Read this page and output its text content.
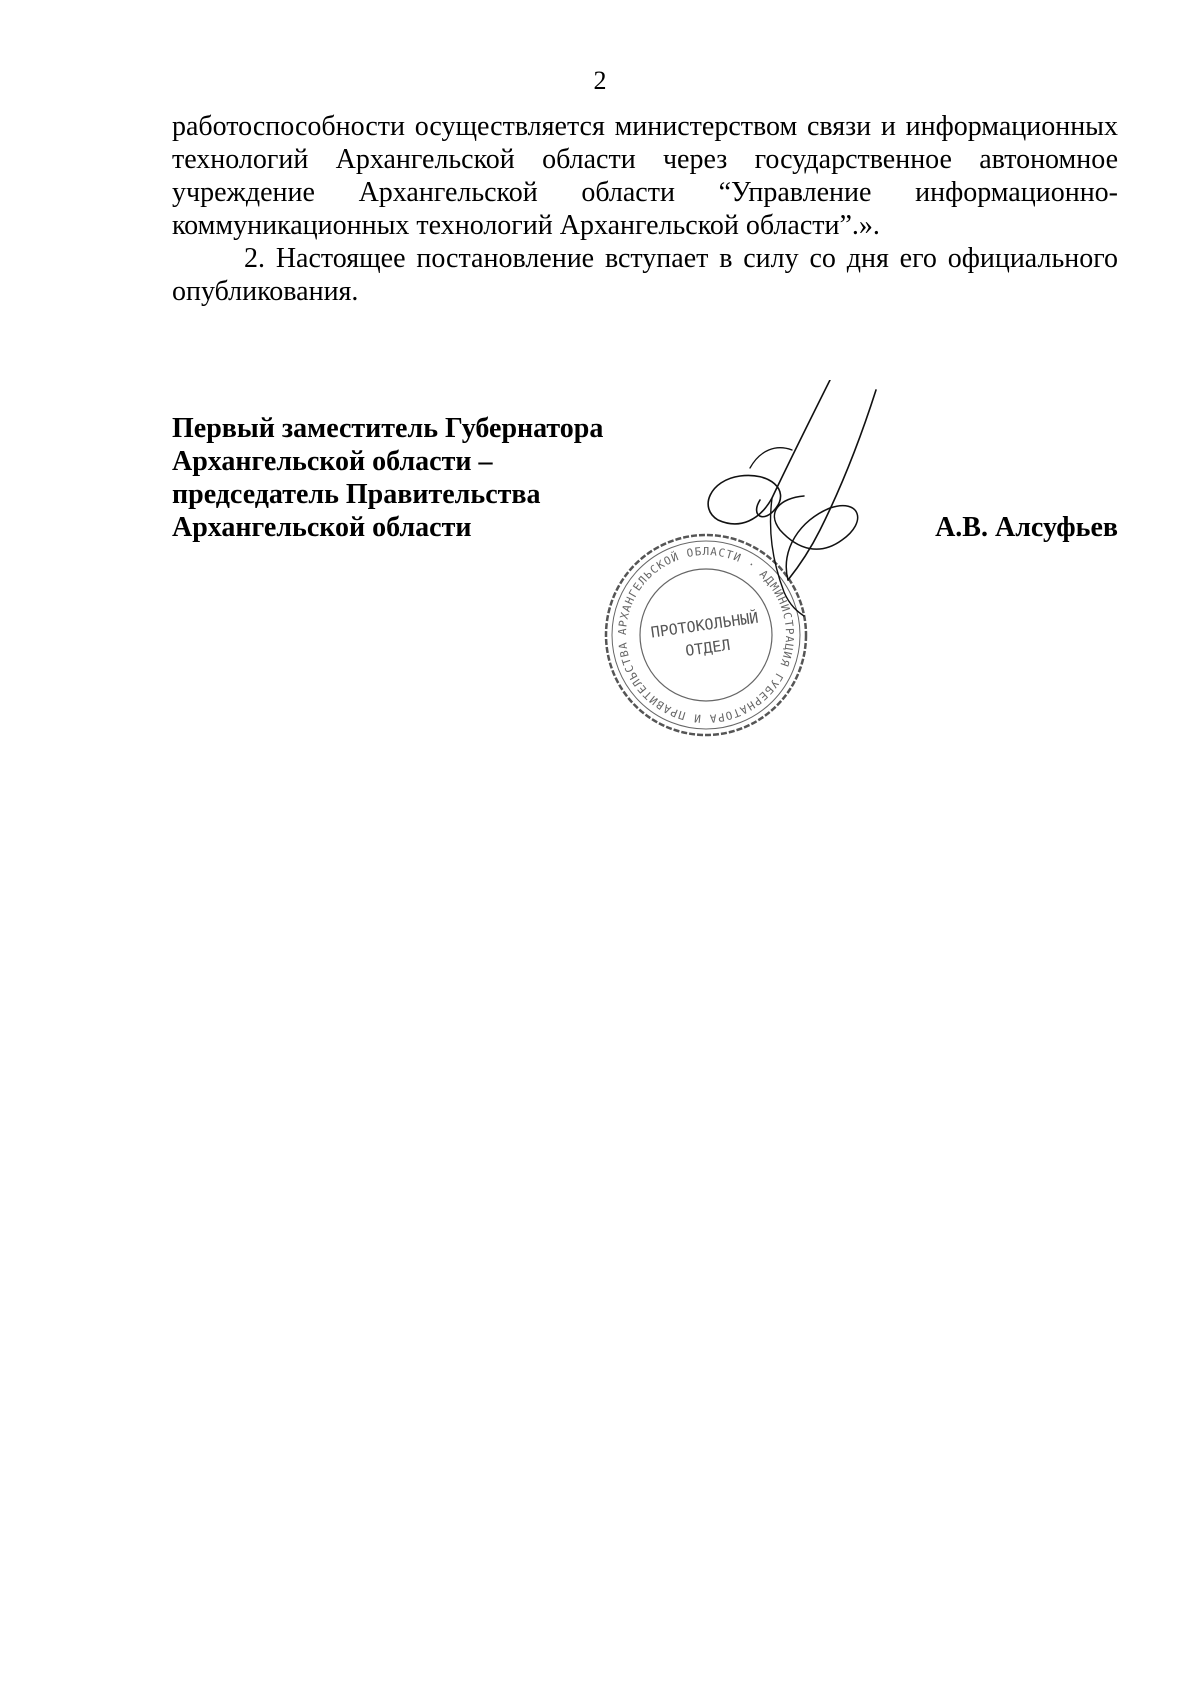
2

работоспособности осуществляется министерством связи и информационных технологий Архангельской области через государственное автономное учреждение Архангельской области “Управление информационно-коммуникационных технологий Архангельской области”.».

2. Настоящее постановление вступает в силу со дня его официального опубликования.

Первый заместитель Губернатора
Архангельской области –
председатель Правительства
Архангельской области	А.В. Алсуфьев
АРХАНГЕЛЬСКОЙ ОБЛАСТИ · АДМИНИСТРАЦИЯ ГУБЕРНАТОРА И ПРАВИТЕЛЬСТВА
ПРОТОКОЛЬНЫЙ
ОТДЕЛ
